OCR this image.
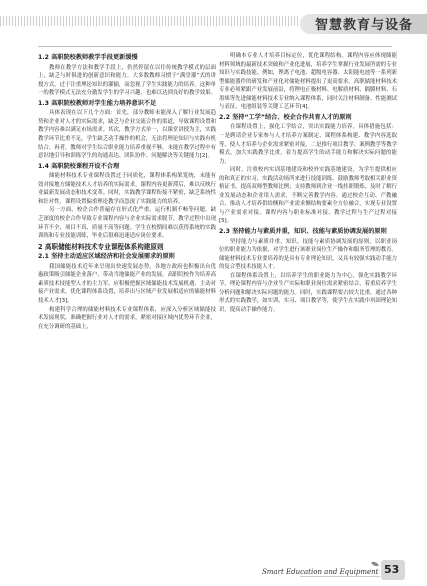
智慧教育与设备
1.2 高职院校教师教学手段更新缓慢

教师在教学方法和教学手段上，仍然停留在以往传统教学模式的层面上，缺乏与时俱进的创新意识和能力。大多数教师习惯于“满堂灌”式的讲授方式，过于注重理论知识的灌输，而忽视了学生实践能力的培养。这种单一的教学模式无法充分激发学生的学习兴趣，也难以达到良好的教学效果。

1.3 高职院校教师对学生能力培养意识不足

具体表现在以下几个方面：首先，部分教师未能深入了解行业发展趋势和企业对人才的实际需求，缺乏与企业交流合作的渠道，导致课程设置和教学内容难以满足市场需求。其次，教学方式单一，以课堂讲授为主，实践教学环节比重不足，学生缺乏动手操作的机会，无法将理论知识与实践有机结合。再者，教师对学生综合职业能力培养重视不够，未能在教学过程中有意识地引导和训练学生的沟通表达、团队协作、问题解决等关键能力[2]。

1.4 高职院校课程开设不合理

储能材料技术专业课程设置过于同质化，课程体系构架笼统，未能有效对接地方储能技术人才培养的实际需求，课程内容更新滞后，难以反映行业最新发展动态和技术变革。同时，实践教学课程衔接不紧密，缺乏系统性和针对性，课程设置偏重理论教学而忽视了实践能力的培养。

另一方面，校企合作普遍存在形式化严重、运行机制不畅等问题。缺乏深度的校企合作导致专业课程内容与企业实际需求脱节，教学过程中出现环节不全、项目不真、质量不高等问题。学生在校期间难以获得系统的实践训练和专业技能训练，毕业后很难迅速适应岗位要求。

2 高职储能材料技术专业课程体系构建原则
2.1 坚持主动适应区域经济和社会发展需求的原则

我国储能技术近年来呈现出快速发展态势，各地方政府也积极出台优惠政策吸引储能企业落户，带动当地储能产业的发展。高职院校作为培养高素质技术技能型人才的主力军，应积极把握区域储能技术发展机遇，主动对接产业需求，优化课程体系设置，培养出与区域产业发展相适应的储能材料技术人才[3]。

构建科学合理的储能材料技术专业课程体系，应深入分析区域储能技术发展现状，准确把握行业对人才的需求，紧密对接区域内优势环节企业，在充分调研的基础上，

明确本专业人才培养目标定位，优化课程结构。课程内容应体现储能材料领域的最新技术突破和产业化进展，培养学生掌握行业发展所需的专业知识与实践技能。例如，锂离子电池、超级电容器、太阳能电池等一系列新型储能器件的研发和产业化对储能材料提出了更高要求。高职储能材料技术专业必须紧跟产业发展前沿，将锂电正极材料、电解质材料、隔膜材料、石墨烯等先进储能材料技术专业纳入课程体系，同时关注材料制备、性能测试与表征、电池组装等关键工艺环节[4]。

2.2 坚持“工学”结合、校企合作共育人才的原则

在课程设置上，强化工学结合，突出实践能力培养。具体措施包括：一是聘请企业专家参与人才培养方案制定、课程体系构建、教学内容选取等，使人才培养与企业需求紧密对接。二是推行项目教学、案例教学等教学模式，加大实践教学比重，着力提高学生的动手能力和解决实际问题的能力。

同时，注重校内实训基地建设和校外实践基地建设，为学生提供相应的和真正的实习、实践活动场所来进行技能训练。鼓励教师考取相关职业资格证书，提高双师型教师比例；支持教师到企业一线挂职锻炼，及时了解行业发展动态和企业用人需求，不断完善教学内容。通过校企互动、产教融合，推动人才培养供给侧和产业需求侧结构要素全方位融合，实现专业设置与产业需求对接、课程内容与职业标准对接、教学过程与生产过程对接[5]。

2.3 坚持能力与素质并重，知识、技能与素质协调发展的原则

坚持能力与素质并重，知识、技能与素质协调发展的原则，以职业岗位的职业能力为依据，对学生进行该职业岗位生产操作和服务管理的教育。储能材料技术专业要培养的是具有专业理论知识，又具有较强实践动手能力的复合型技术技能人才。

在课程体系设置上，以培养学生的职业能力为中心，强化实践教学环节。理论课程内容与企业生产实际和职业岗位需求紧密结合，着重培养学生分析问题和解决实际问题的能力。同时，实践课程要占较大比重，通过各种形式的实践教学，如实训、实习、项目教学等，使学生在实践中巩固理论知识，提高动手操作能力。

Smart Education and Equipment 53
